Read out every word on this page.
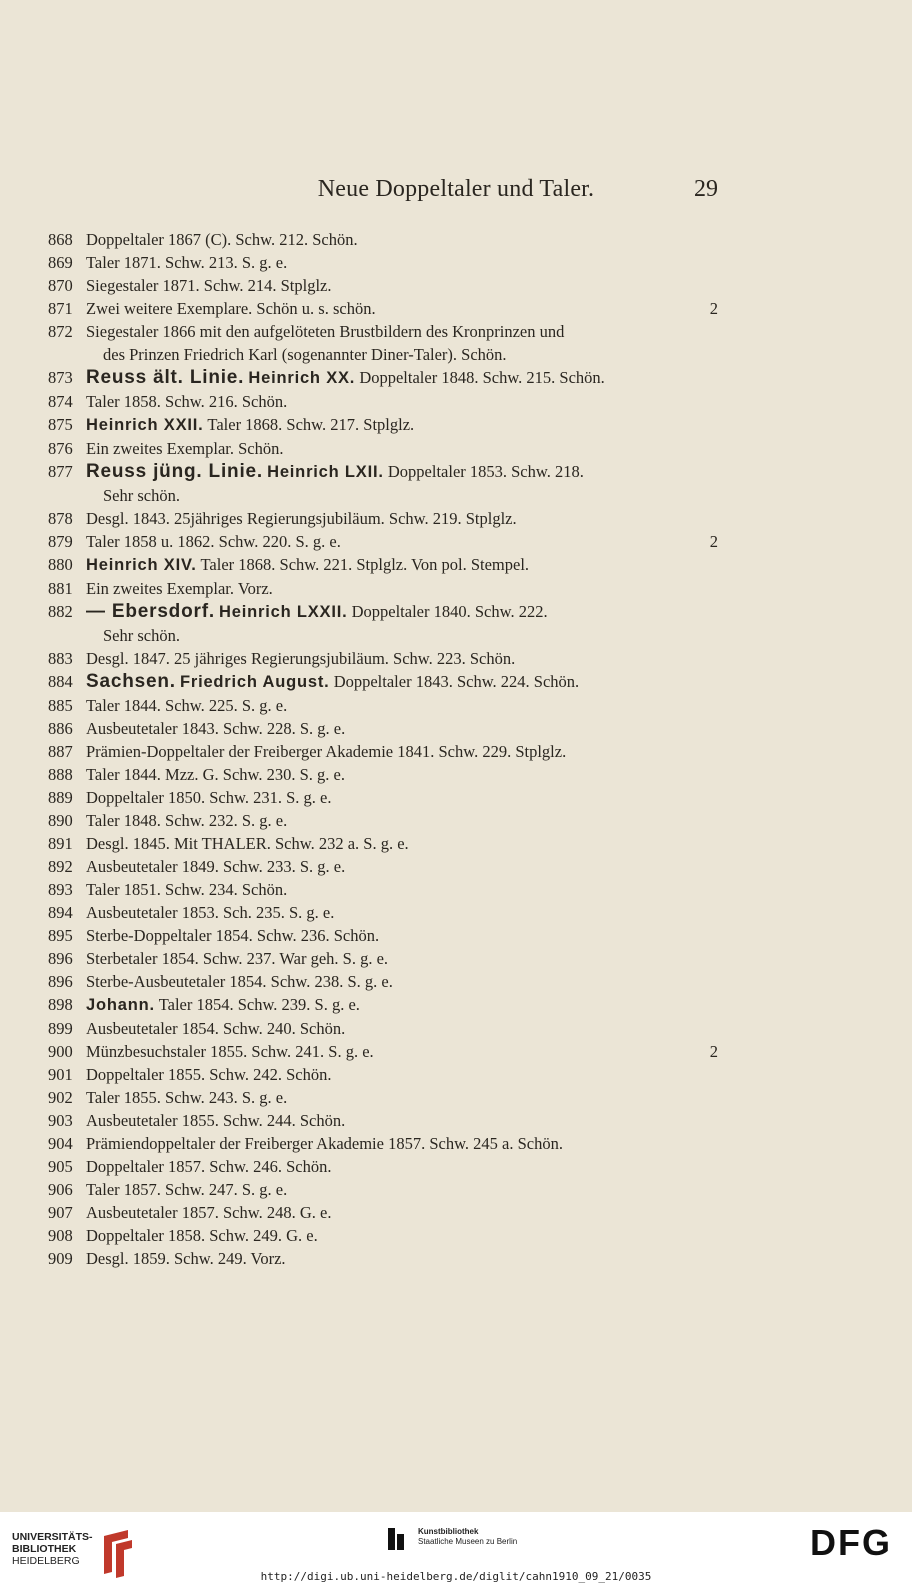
Neue Doppeltaler und Taler.	29
868 Doppeltaler 1867 (C). Schw. 212. Schön.
869 Taler 1871. Schw. 213. S. g. e.
870 Siegestaler 1871. Schw. 214. Stplglz.
871 Zwei weitere Exemplare. Schön u. s. schön.	2
872 Siegestaler 1866 mit den aufgelöteten Brustbildern des Kronprinzen und
des Prinzen Friedrich Karl (sogenannter Diner-Taler). Schön.
873 Reuss ält. Linie. Heinrich XX. Doppeltaler 1848. Schw. 215. Schön.
874 Taler 1858. Schw. 216. Schön.
875 Heinrich XXII. Taler 1868. Schw. 217. Stplglz.
876 Ein zweites Exemplar. Schön.
877 Reuss jüng. Linie. Heinrich LXII. Doppeltaler 1853. Schw. 218.
Sehr schön.
878 Desgl. 1843. 25jähriges Regierungsjubiläum. Schw. 219. Stplglz.
879 Taler 1858 u. 1862. Schw. 220. S. g. e.	2
880 Heinrich XIV. Taler 1868. Schw. 221. Stplglz. Von pol. Stempel.
881 Ein zweites Exemplar. Vorz.
882 — Ebersdorf. Heinrich LXXII. Doppeltaler 1840. Schw. 222.
Sehr schön.
883 Desgl. 1847. 25 jähriges Regierungsjubiläum. Schw. 223. Schön.
884 Sachsen. Friedrich August. Doppeltaler 1843. Schw. 224. Schön.
885 Taler 1844. Schw. 225. S. g. e.
886 Ausbeutetaler 1843. Schw. 228. S. g. e.
887 Prämien-Doppeltaler der Freiberger Akademie 1841. Schw. 229. Stplglz.
888 Taler 1844. Mzz. G. Schw. 230. S. g. e.
889 Doppeltaler 1850. Schw. 231. S. g. e.
890 Taler 1848. Schw. 232. S. g. e.
891 Desgl. 1845. Mit THALER. Schw. 232 a. S. g. e.
892 Ausbeutetaler 1849. Schw. 233. S. g. e.
893 Taler 1851. Schw. 234. Schön.
894 Ausbeutetaler 1853. Sch. 235. S. g. e.
895 Sterbe-Doppeltaler 1854. Schw. 236. Schön.
896 Sterbetaler 1854. Schw. 237. War geh. S. g. e.
896 Sterbe-Ausbeutetaler 1854. Schw. 238. S. g. e.
898 Johann. Taler 1854. Schw. 239. S. g. e.
899 Ausbeutetaler 1854. Schw. 240. Schön.
900 Münzbesuchstaler 1855. Schw. 241. S. g. e.	2
901 Doppeltaler 1855. Schw. 242. Schön.
902 Taler 1855. Schw. 243. S. g. e.
903 Ausbeutetaler 1855. Schw. 244. Schön.
904 Prämiendoppeltaler der Freiberger Akademie 1857. Schw. 245 a. Schön.
905 Doppeltaler 1857. Schw. 246. Schön.
906 Taler 1857. Schw. 247. S. g. e.
907 Ausbeutetaler 1857. Schw. 248. G. e.
908 Doppeltaler 1858. Schw. 249. G. e.
909 Desgl. 1859. Schw. 249. Vorz.
UNIVERSITÄTS-
BIBLIOTHEK
HEIDELBERG
Kunstbibliothek
Staatliche Museen zu Berlin	DFG
http://digi.ub.uni-heidelberg.de/diglit/cahn1910_09_21/0035
